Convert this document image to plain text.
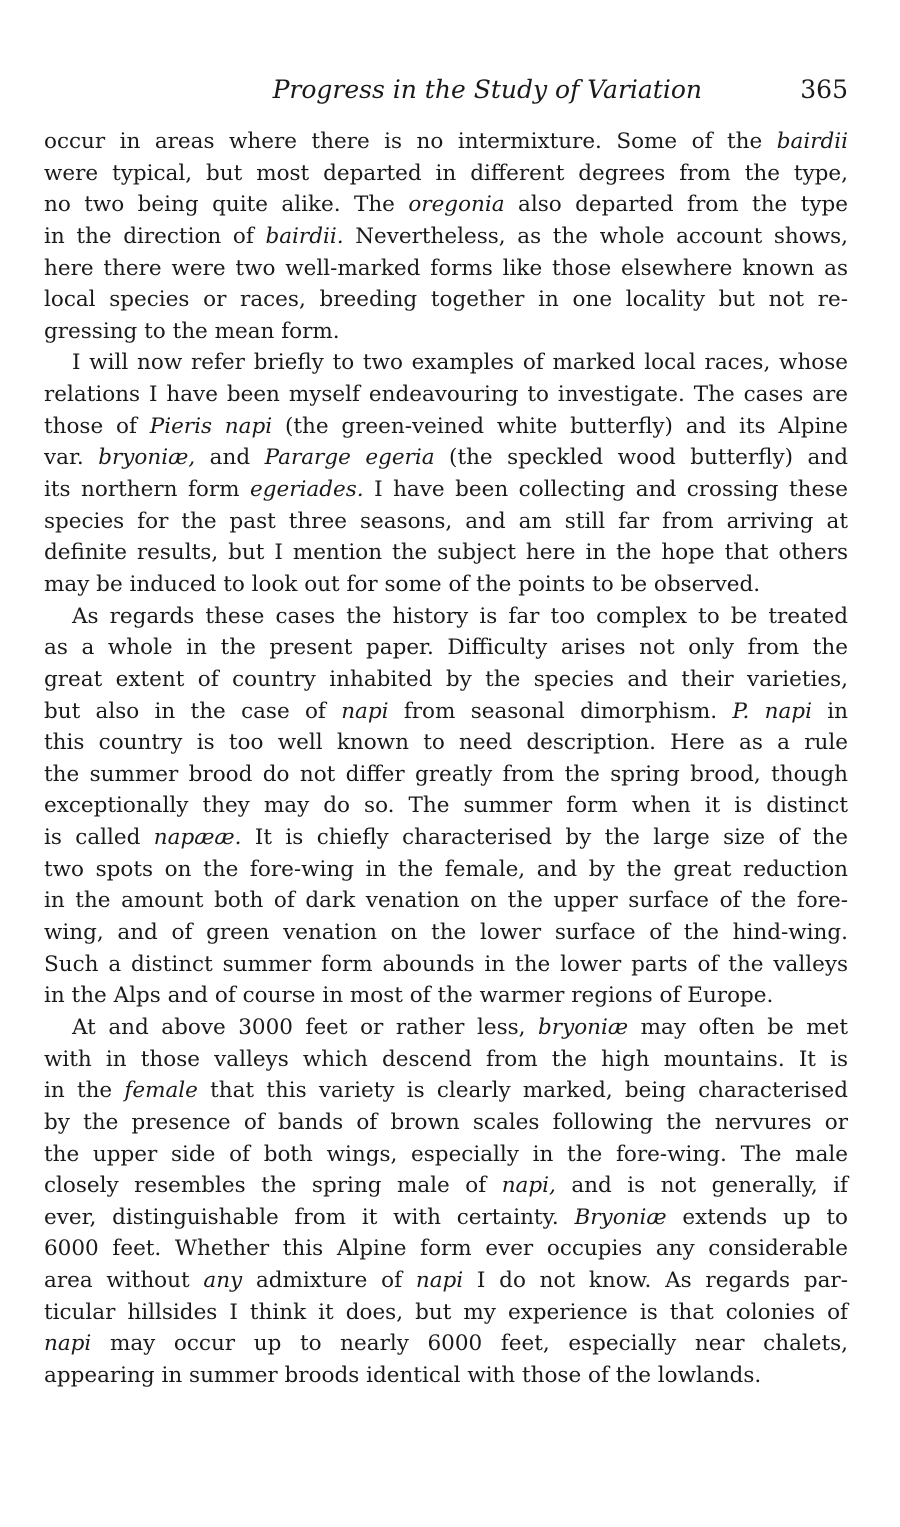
Progress in the Study of Variation	365
occur in areas where there is no intermixture. Some of the bairdii
were typical, but most departed in different degrees from the type,
no two being quite alike. The oregonia also departed from the type
in the direction of bairdii. Nevertheless, as the whole account shows,
here there were two well-marked forms like those elsewhere known as
local species or races, breeding together in one locality but not re-
gressing to the mean form.
I will now refer briefly to two examples of marked local races, whose
relations I have been myself endeavouring to investigate. The cases are
those of Pieris napi (the green-veined white butterfly) and its Alpine
var. bryoniæ, and Pararge egeria (the speckled wood butterfly) and
its northern form egeriades. I have been collecting and crossing these
species for the past three seasons, and am still far from arriving at
definite results, but I mention the subject here in the hope that others
may be induced to look out for some of the points to be observed.
As regards these cases the history is far too complex to be treated
as a whole in the present paper. Difficulty arises not only from the
great extent of country inhabited by the species and their varieties,
but also in the case of napi from seasonal dimorphism. P. napi in
this country is too well known to need description. Here as a rule
the summer brood do not differ greatly from the spring brood, though
exceptionally they may do so. The summer form when it is distinct
is called napææ. It is chiefly characterised by the large size of the
two spots on the fore-wing in the female, and by the great reduction
in the amount both of dark venation on the upper surface of the fore-
wing, and of green venation on the lower surface of the hind-wing.
Such a distinct summer form abounds in the lower parts of the valleys
in the Alps and of course in most of the warmer regions of Europe.
At and above 3000 feet or rather less, bryoniæ may often be met
with in those valleys which descend from the high mountains. It is
in the female that this variety is clearly marked, being characterised
by the presence of bands of brown scales following the nervures or
the upper side of both wings, especially in the fore-wing. The male
closely resembles the spring male of napi, and is not generally, if
ever, distinguishable from it with certainty. Bryoniæ extends up to
6000 feet. Whether this Alpine form ever occupies any considerable
area without any admixture of napi I do not know. As regards par-
ticular hillsides I think it does, but my experience is that colonies of
napi may occur up to nearly 6000 feet, especially near chalets,
appearing in summer broods identical with those of the lowlands.
